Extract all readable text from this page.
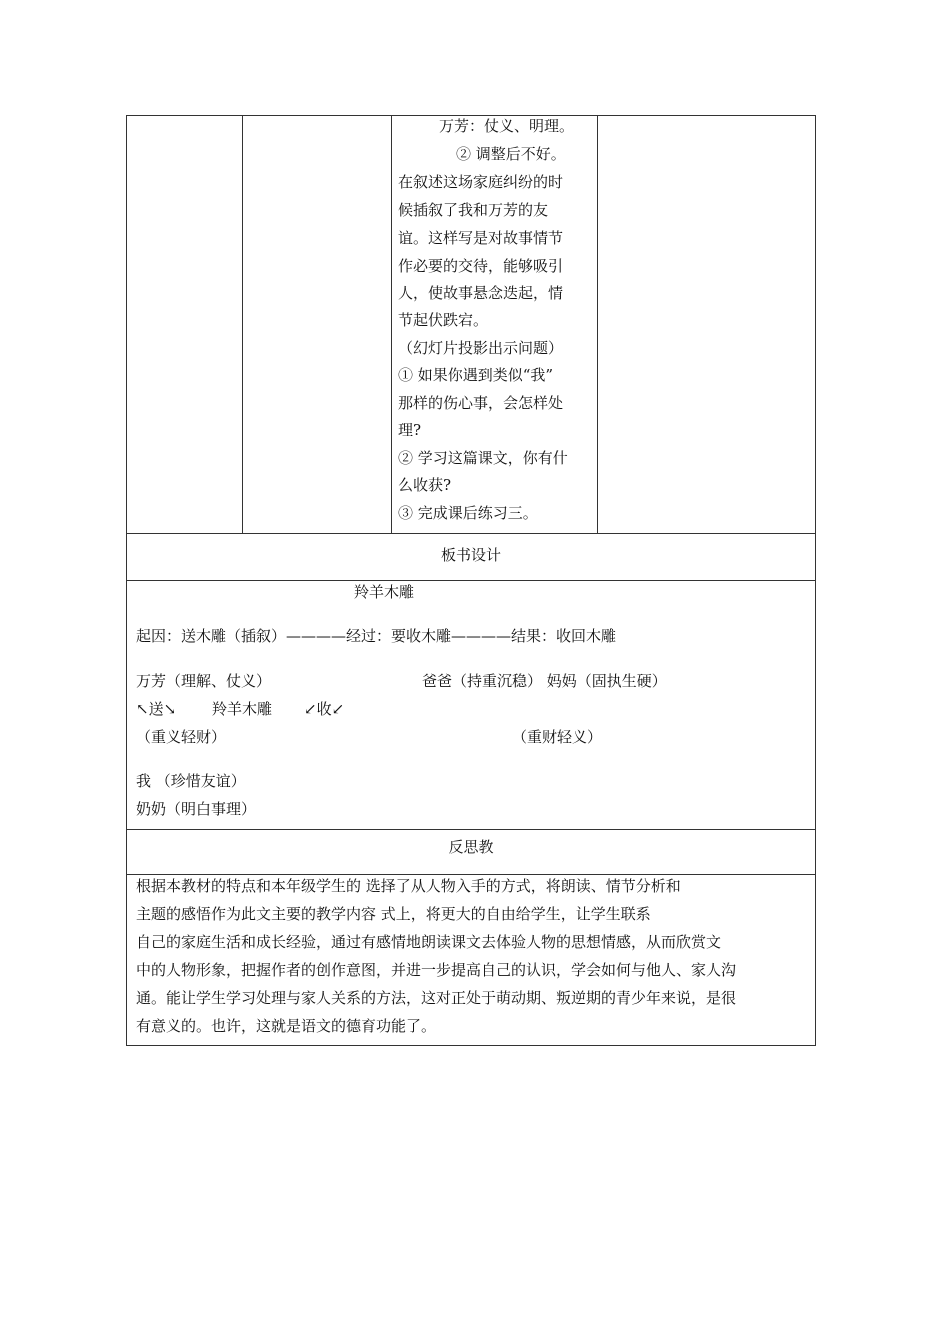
万芳：仗义、明理。
② 调整后不好。
在叙述这场家庭纠纷的时
候插叙了我和万芳的友
谊。这样写是对故事情节
作必要的交待，能够吸引
人，使故事悬念迭起，情
节起伏跌宕。
（幻灯片投影出示问题）
① 如果你遇到类似“我”
那样的伤心事，会怎样处
理?
② 学习这篇课文，你有什
么收获?
③ 完成课后练习三。
板书设计
羚羊木雕
起因：送木雕（插叙）————经过：要收木雕————结果：收回木雕
万芳（理解、仗义）	爸爸（持重沉稳） 妈妈（固执生硬）
↖送↘ 羚羊木雕 ↙收↙
（重义轻财）	（重财轻义）
我 （珍惜友谊）
奶奶（明白事理）
反思教
根据本教材的特点和本年级学生的 选择了从人物入手的方式，将朗读、情节分析和
主题的感悟作为此文主要的教学内容 式上，将更大的自由给学生，让学生联系
自己的家庭生活和成长经验，通过有感情地朗读课文去体验人物的思想情感，从而欣赏文
中的人物形象，把握作者的创作意图，并进一步提高自己的认识，学会如何与他人、家人沟
通。能让学生学习处理与家人关系的方法，这对正处于萌动期、叛逆期的青少年来说，是很
有意义的。也许，这就是语文的德育功能了。
